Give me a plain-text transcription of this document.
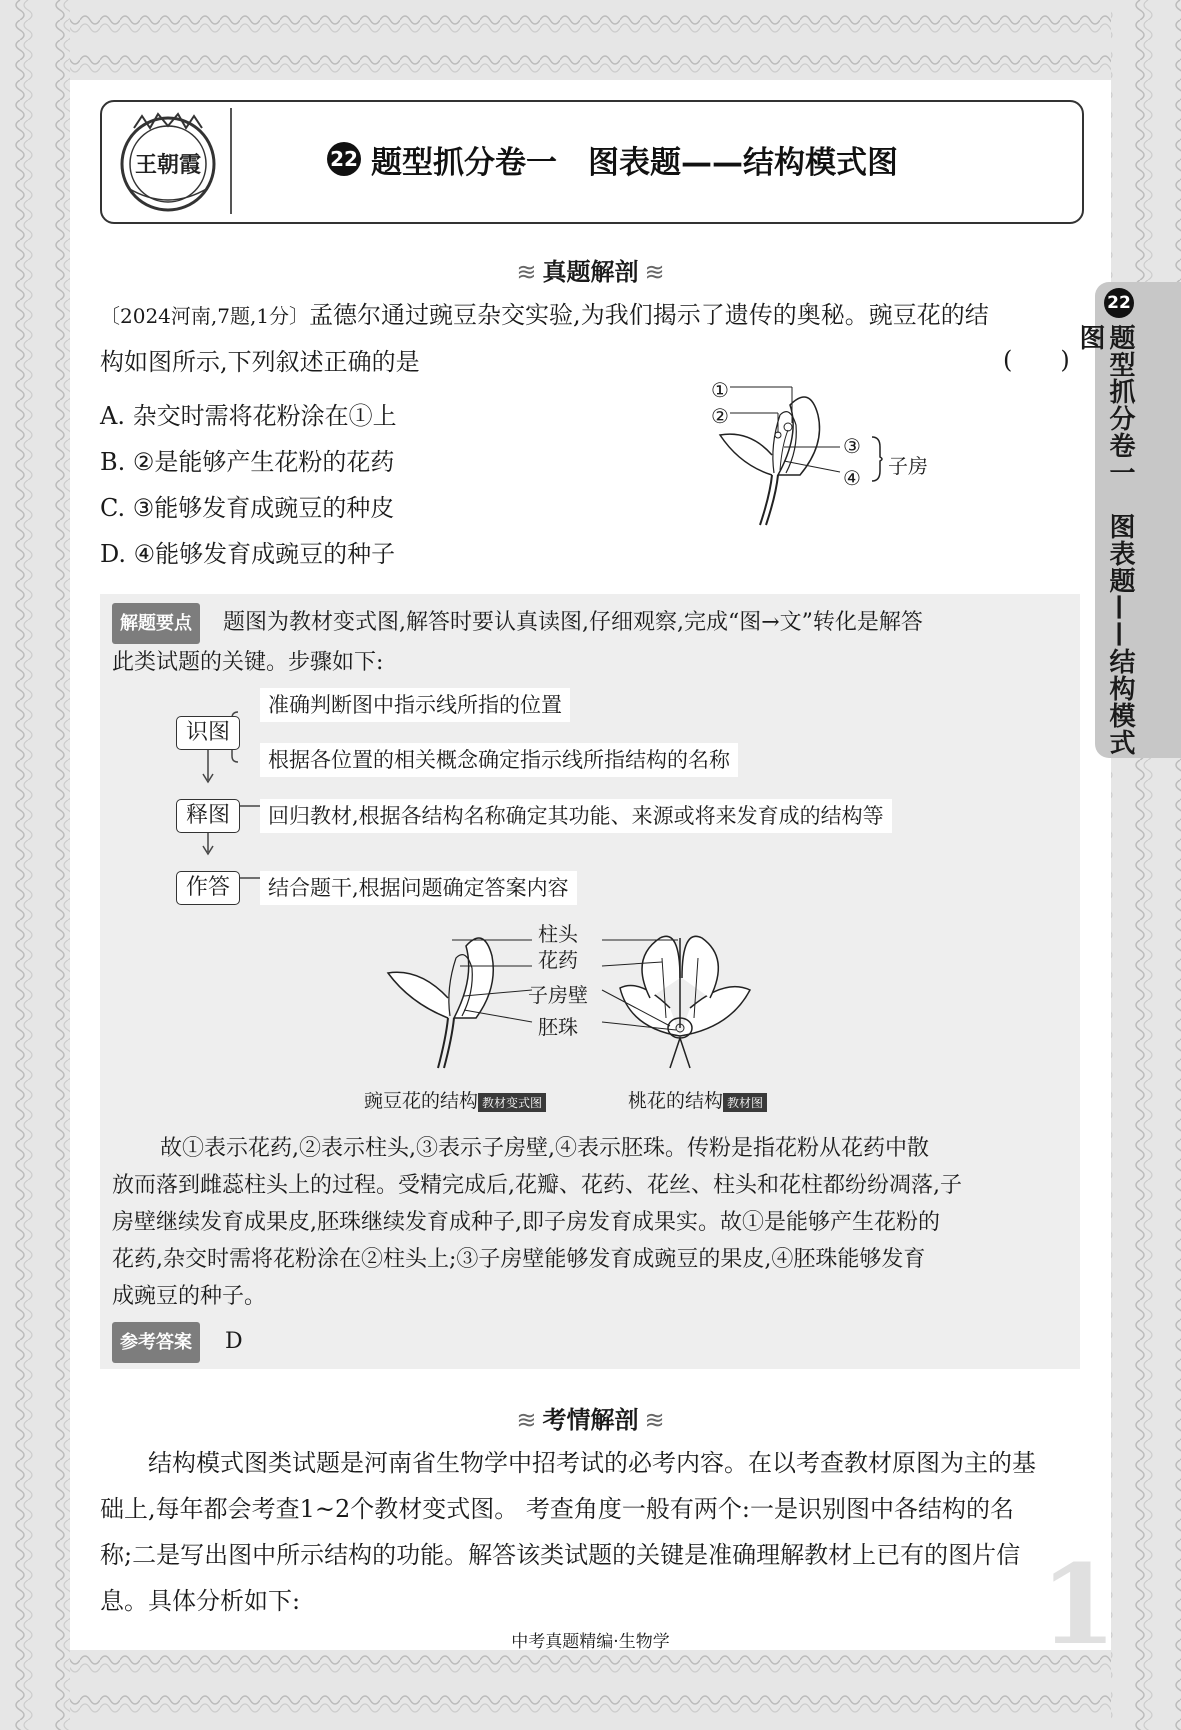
1
王朝霞	22 题型抓分卷一　图表题——结构模式图
≋ 真题解剖 ≋
22
题型抓分卷一　图表题——结构模式图
〔2024河南,7题,1分〕孟德尔通过豌豆杂交实验,为我们揭示了遗传的奥秘。豌豆花的结
构如图所示,下列叙述正确的是	(　　)
A. 杂交时需将花粉涂在①上
B. ②是能够产生花粉的花药
C. ③能够发育成豌豆的种皮
D. ④能够发育成豌豆的种子
①
②
③
④ 子房
解题要点 题图为教材变式图,解答时要认真读图,仔细观察,完成“图→文”转化是解答
此类试题的关键。步骤如下:
识图
释图
作答
准确判断图中指示线所指的位置
根据各位置的相关概念确定指示线所指结构的名称
回归教材,根据各结构名称确定其功能、来源或将来发育成的结构等
结合题干,根据问题确定答案内容
柱头
花药
子房壁
胚珠
豌豆花的结构 教材变式图	桃花的结构 教材图
故①表示花药,②表示柱头,③表示子房壁,④表示胚珠。传粉是指花粉从花药中散
放而落到雌蕊柱头上的过程。受精完成后,花瓣、花药、花丝、柱头和花柱都纷纷凋落,子
房壁继续发育成果皮,胚珠继续发育成种子,即子房发育成果实。故①是能够产生花粉的
花药,杂交时需将花粉涂在②柱头上;③子房壁能够发育成豌豆的果皮,④胚珠能够发育
成豌豆的种子。
参考答案 D
≋ 考情解剖 ≋
结构模式图类试题是河南省生物学中招考试的必考内容。在以考查教材原图为主的基
础上,每年都会考查1~2个教材变式图。 考查角度一般有两个:一是识别图中各结构的名
称;二是写出图中所示结构的功能。解答该类试题的关键是准确理解教材上已有的图片信
息。具体分析如下:
中考真题精编·生物学
